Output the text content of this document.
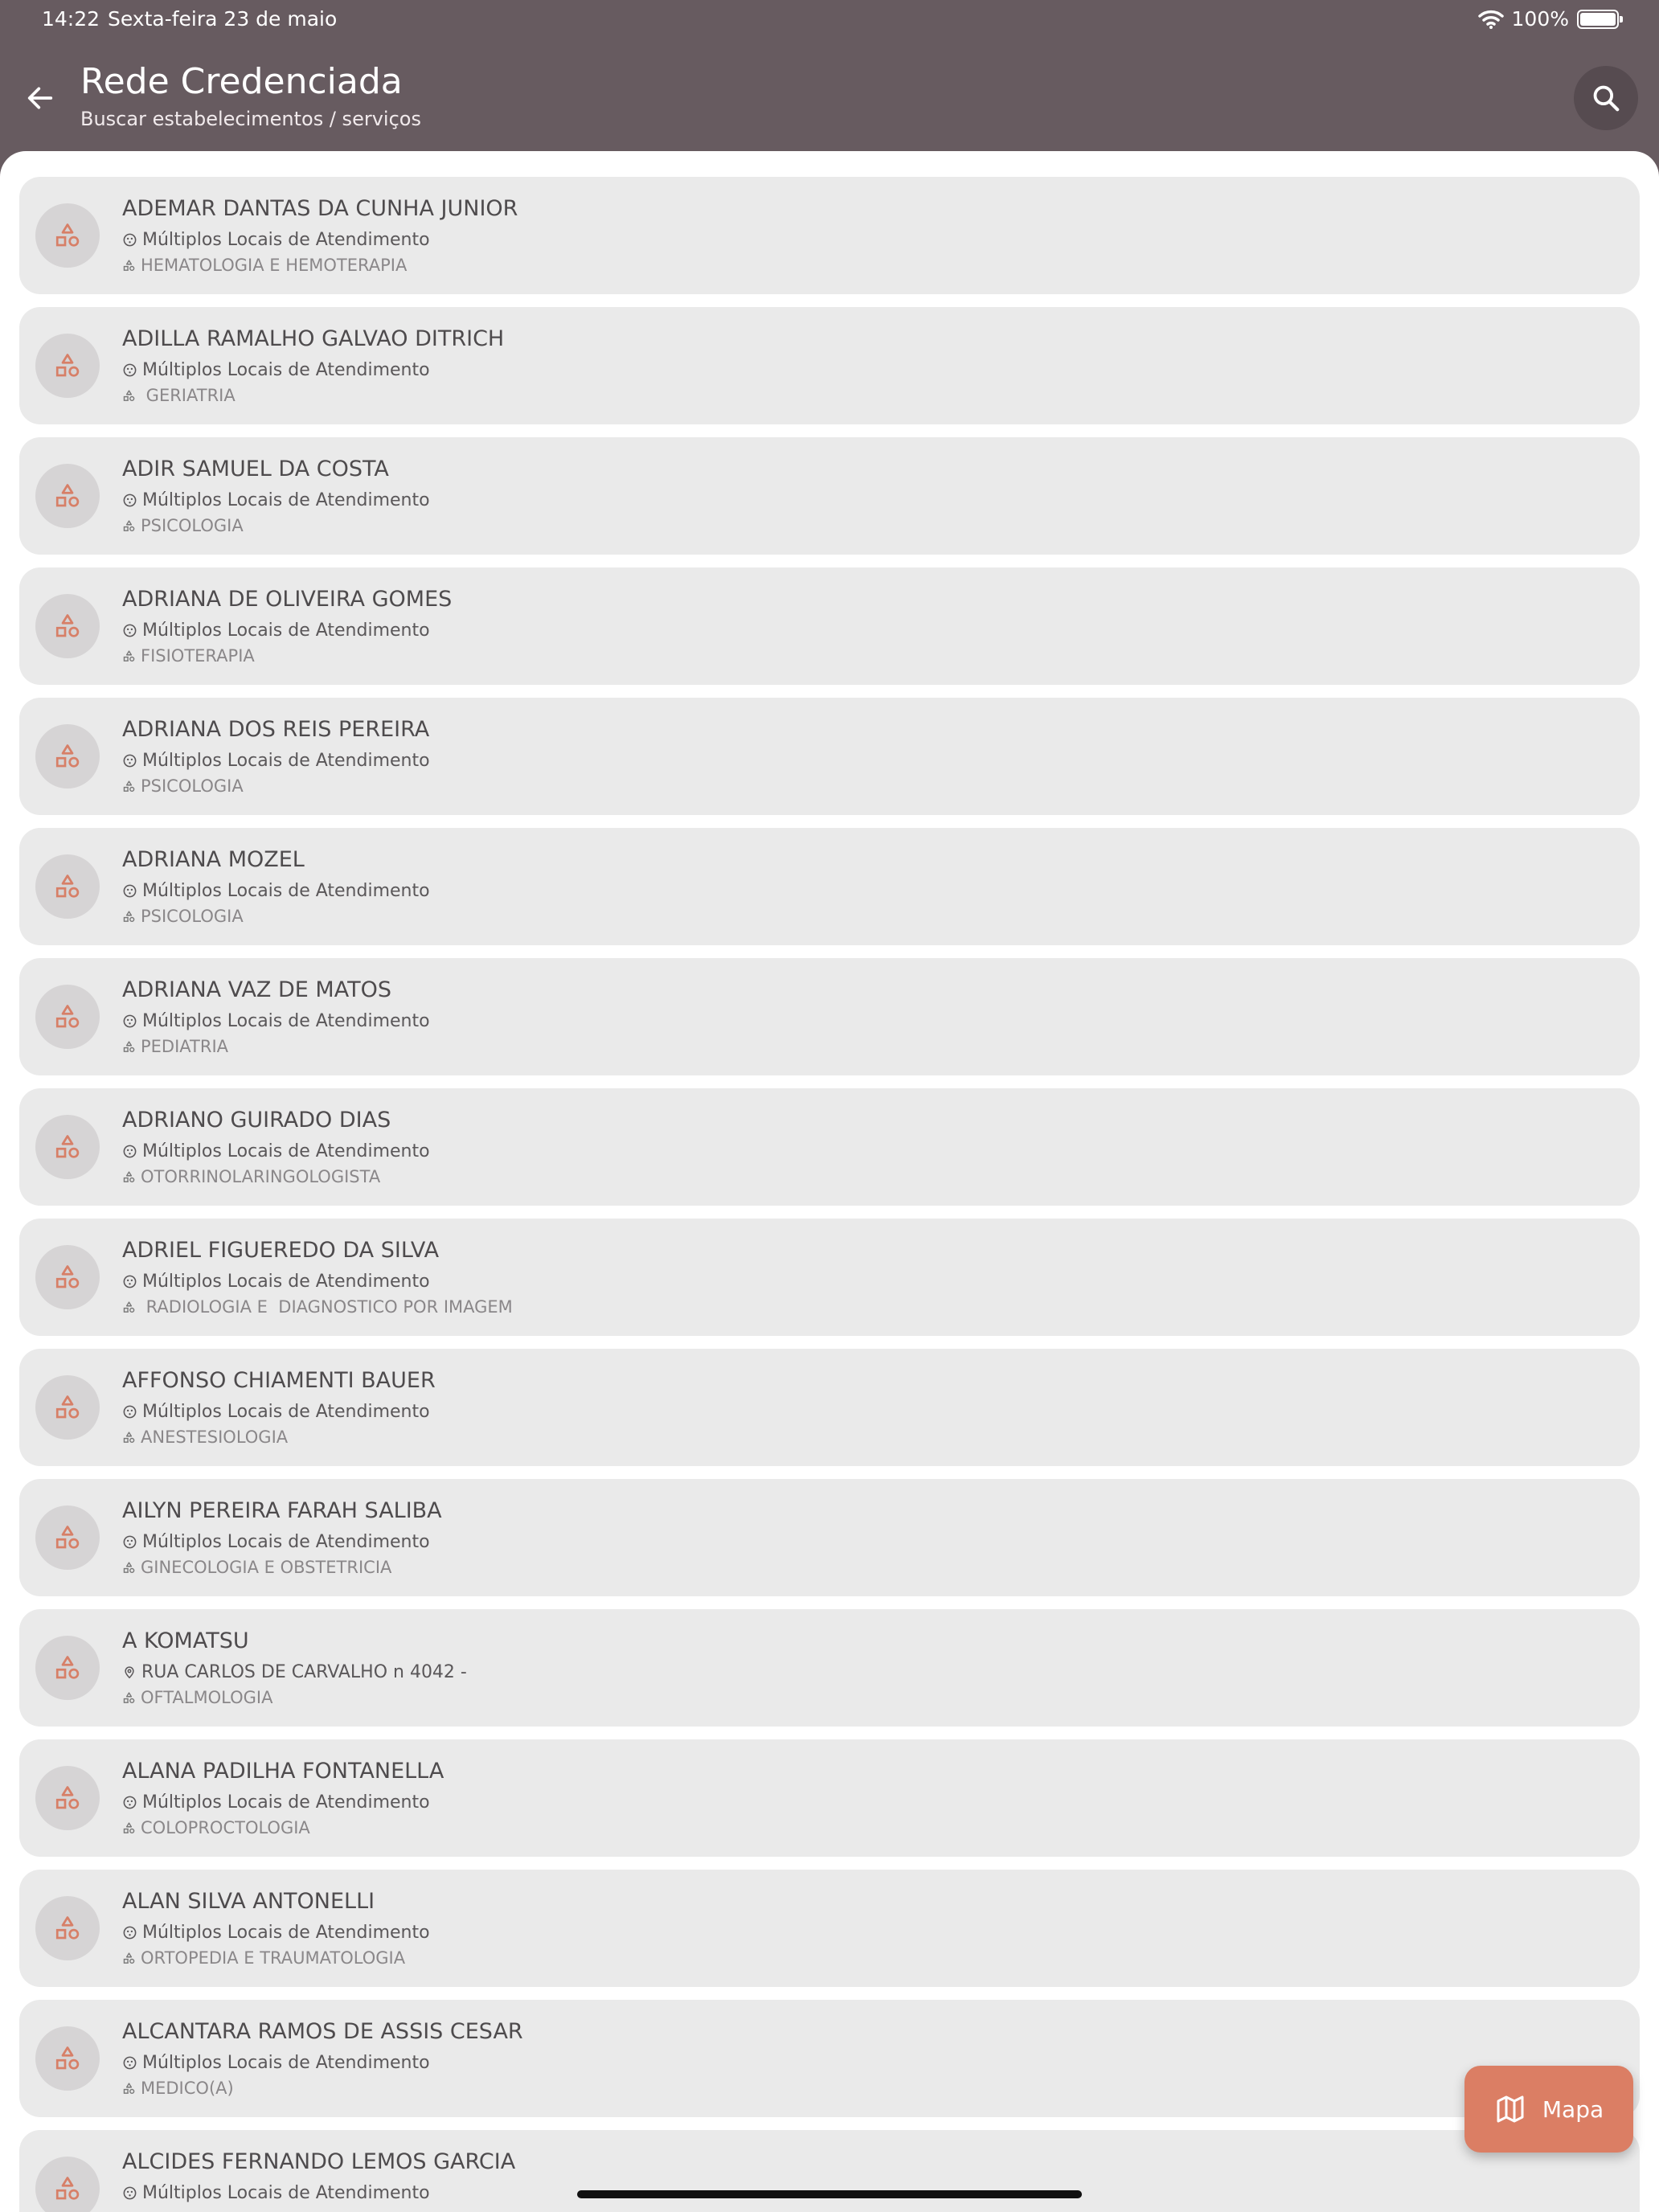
14:22 Sexta-feira 23 de maio	100%
Rede Credenciada
Buscar estabelecimentos / serviços
ADEMAR DANTAS DA CUNHA JUNIOR
Múltiplos Locais de Atendimento
HEMATOLOGIA E HEMOTERAPIA
ADILLA RAMALHO GALVAO DITRICH
Múltiplos Locais de Atendimento
GERIATRIA
ADIR SAMUEL DA COSTA
Múltiplos Locais de Atendimento
PSICOLOGIA
ADRIANA DE OLIVEIRA GOMES
Múltiplos Locais de Atendimento
FISIOTERAPIA
ADRIANA DOS REIS PEREIRA
Múltiplos Locais de Atendimento
PSICOLOGIA
ADRIANA MOZEL
Múltiplos Locais de Atendimento
PSICOLOGIA
ADRIANA VAZ DE MATOS
Múltiplos Locais de Atendimento
PEDIATRIA
ADRIANO GUIRADO DIAS
Múltiplos Locais de Atendimento
OTORRINOLARINGOLOGISTA
ADRIEL FIGUEREDO DA SILVA
Múltiplos Locais de Atendimento
RADIOLOGIA E  DIAGNOSTICO POR IMAGEM
AFFONSO CHIAMENTI BAUER
Múltiplos Locais de Atendimento
ANESTESIOLOGIA
AILYN PEREIRA FARAH SALIBA
Múltiplos Locais de Atendimento
GINECOLOGIA E OBSTETRICIA
A KOMATSU
RUA CARLOS DE CARVALHO n 4042 -
OFTALMOLOGIA
ALANA PADILHA FONTANELLA
Múltiplos Locais de Atendimento
COLOPROCTOLOGIA
ALAN SILVA ANTONELLI
Múltiplos Locais de Atendimento
ORTOPEDIA E TRAUMATOLOGIA
ALCANTARA RAMOS DE ASSIS CESAR
Múltiplos Locais de Atendimento
MEDICO(A)
ALCIDES FERNANDO LEMOS GARCIA
Múltiplos Locais de Atendimento
Mapa
